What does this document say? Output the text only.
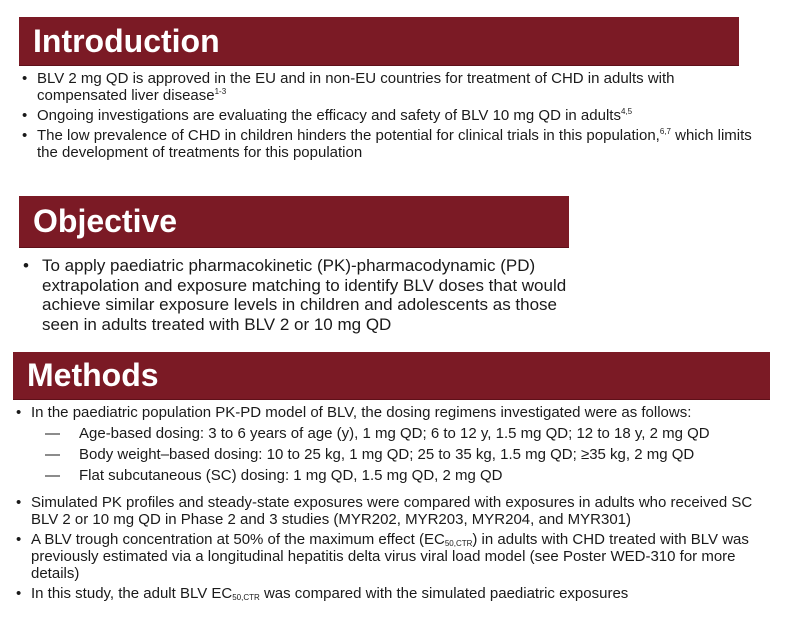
Introduction
• BLV 2 mg QD is approved in the EU and in non-EU countries for treatment of CHD in adults with compensated liver disease$^{1-3}$
• Ongoing investigations are evaluating the efficacy and safety of BLV 10 mg QD in adults$^{4,5}$
• The low prevalence of CHD in children hinders the potential for clinical trials in this population,$^{6,7}$ which limits the development of treatments for this population
Objective
• To apply paediatric pharmacokinetic (PK)-pharmacodynamic (PD) extrapolation and exposure matching to identify BLV doses that would achieve similar exposure levels in children and adolescents as those seen in adults treated with BLV 2 or 10 mg QD
Methods
• In the paediatric population PK-PD model of BLV, the dosing regimens investigated were as follows:
— Age-based dosing: 3 to 6 years of age (y), 1 mg QD; 6 to 12 y, 1.5 mg QD; 12 to 18 y, 2 mg QD
— Body weight–based dosing: 10 to 25 kg, 1 mg QD; 25 to 35 kg, 1.5 mg QD; ≥35 kg, 2 mg QD
— Flat subcutaneous (SC) dosing: 1 mg QD, 1.5 mg QD, 2 mg QD
• Simulated PK profiles and steady-state exposures were compared with exposures in adults who received SC BLV 2 or 10 mg QD in Phase 2 and 3 studies (MYR202, MYR203, MYR204, and MYR301)
• A BLV trough concentration at 50% of the maximum effect $(EC_{50,CTR})$ in adults with CHD treated with BLV was previously estimated via a longitudinal hepatitis delta virus viral load model (see Poster WED-310 for more details)
• In this study, the adult BLV $EC_{50,CTR}$ was compared with the simulated paediatric exposures
